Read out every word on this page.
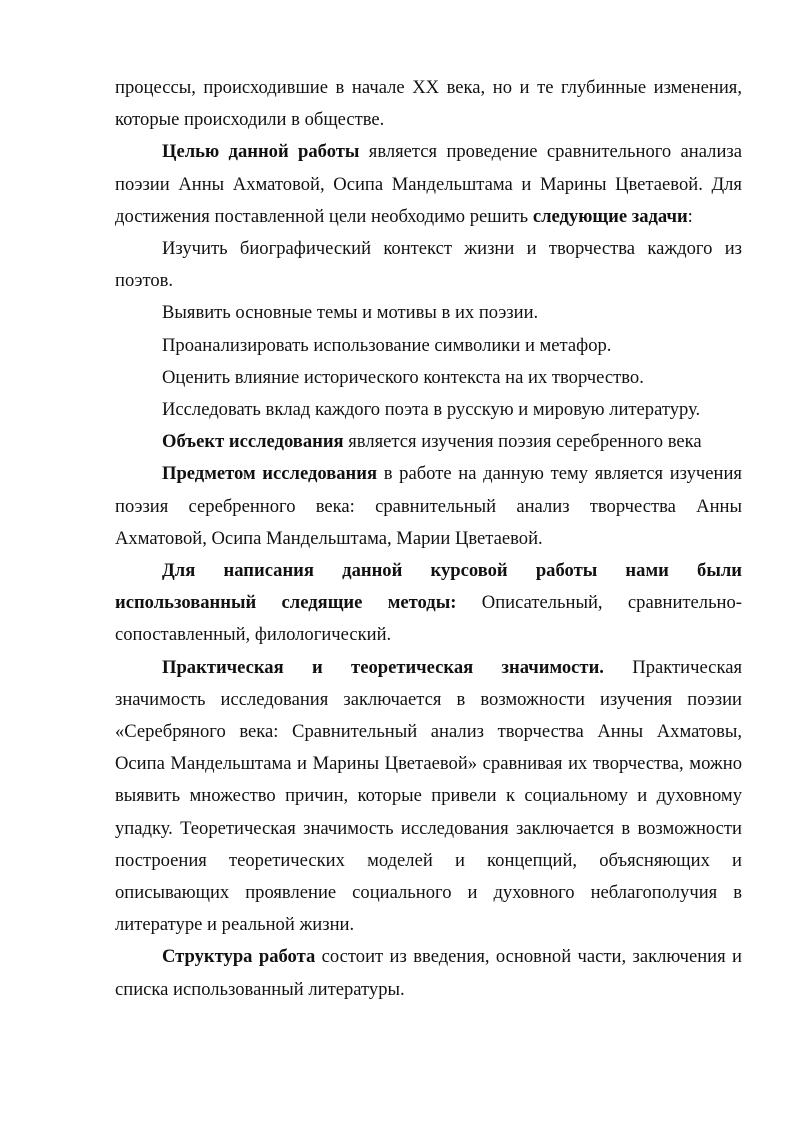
процессы, происходившие в начале XX века, но и те глубинные изменения, которые происходили в обществе.

Целью данной работы является проведение сравнительного анализа поэзии Анны Ахматовой, Осипа Мандельштама и Марины Цветаевой. Для достижения поставленной цели необходимо решить следующие задачи:

Изучить биографический контекст жизни и творчества каждого из поэтов.

Выявить основные темы и мотивы в их поэзии.

Проанализировать использование символики и метафор.

Оценить влияние исторического контекста на их творчество.

Исследовать вклад каждого поэта в русскую и мировую литературу.

Объект исследования является изучения поэзия серебренного века

Предметом исследования в работе на данную тему является изучения поэзия серебренного века: сравнительный анализ творчества Анны Ахматовой, Осипа Мандельштама, Марии Цветаевой.

Для написания данной курсовой работы нами были использованный следящие методы: Описательный, сравнительно-сопоставленный, филологический.

Практическая и теоретическая значимости. Практическая значимость исследования заключается в возможности изучения поэзии «Серебряного века: Сравнительный анализ творчества Анны Ахматовы, Осипа Мандельштама и Марины Цветаевой» сравнивая их творчества, можно выявить множество причин, которые привели к социальному и духовному упадку. Теоретическая значимость исследования заключается в возможности построения теоретических моделей и концепций, объясняющих и описывающих проявление социального и духовного неблагополучия в литературе и реальной жизни.

Структура работа состоит из введения, основной части, заключения и списка использованный литературы.
